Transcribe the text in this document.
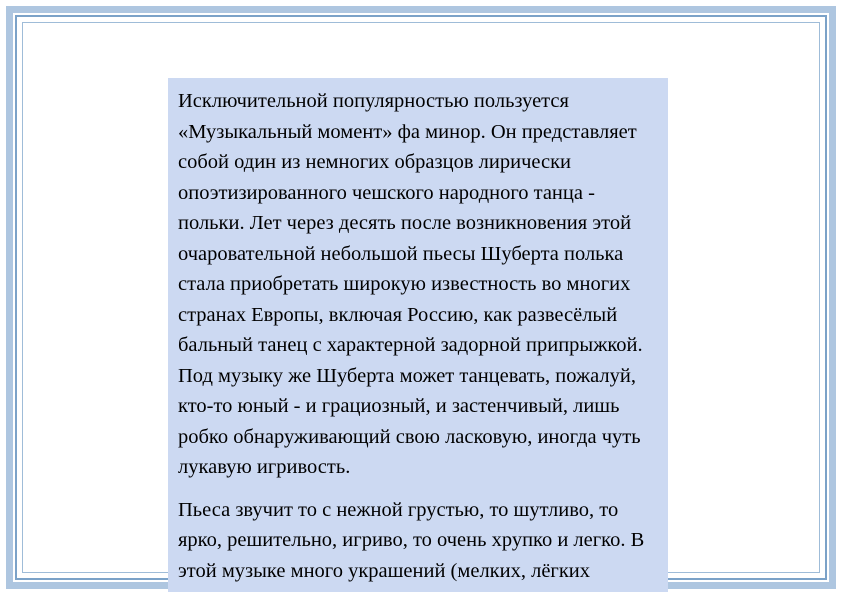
Исключительной популярностью пользуется «Музыкальный момент» фа минор. Он представляет собой один из немногих образцов лирически опоэтизированного чешского народного танца - польки. Лет через десять после возникновения этой очаровательной небольшой пьесы Шуберта полька стала приобретать широкую известность во многих странах Европы, включая Россию, как развесёлый бальный танец с характерной задорной припрыжкой. Под музыку же Шуберта может танцевать, пожалуй, кто-то юный - и грациозный, и застенчивый, лишь робко обнаруживающий свою ласковую, иногда чуть лукавую игривость.

Пьеса звучит то с нежной грустью, то шутливо, то ярко, решительно, игриво, то очень хрупко и легко. В этой музыке много украшений (мелких, лёгких
